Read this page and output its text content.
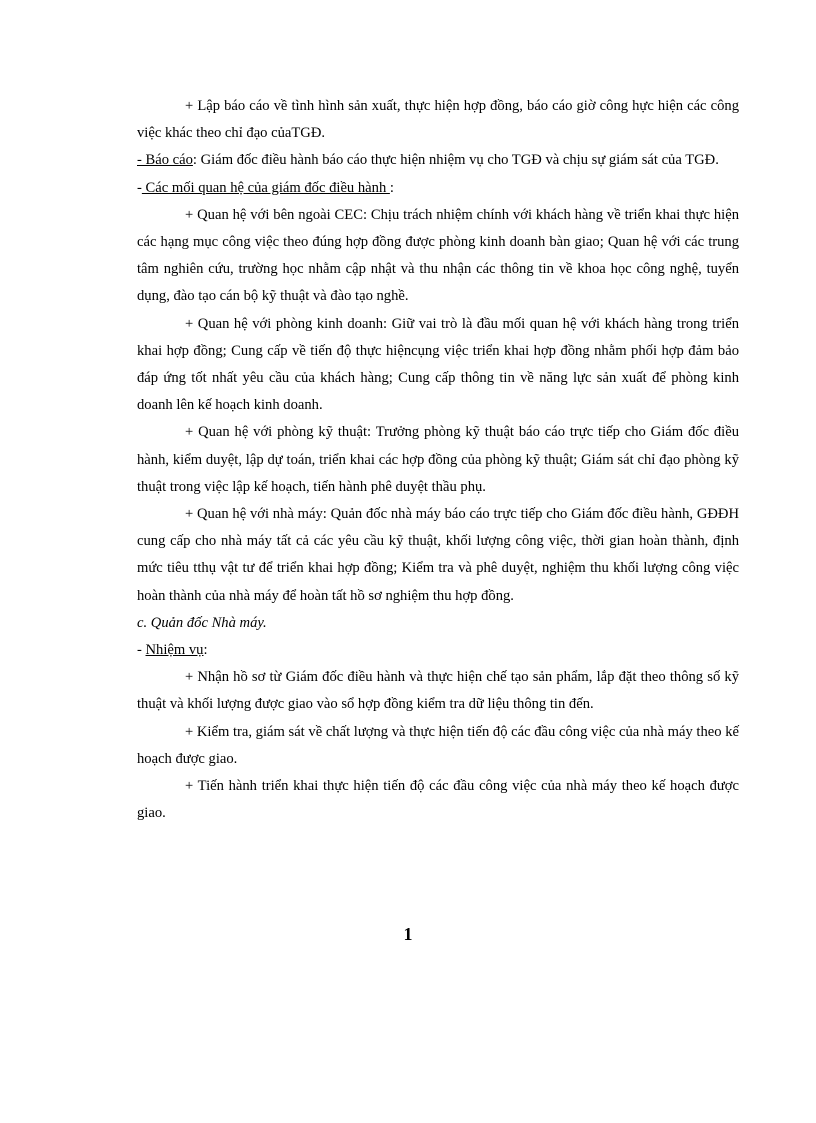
+ Lập báo cáo về tình hình sản xuất, thực hiện hợp đồng, báo cáo giờ công hực hiện các công việc khác theo chỉ đạo củaTGĐ.

- Báo cáo: Giám đốc điều hành báo cáo thực hiện nhiệm vụ cho TGĐ và chịu sự giám sát của TGĐ.

- Các mối quan hệ của giám đốc điều hành :

+ Quan hệ với bên ngoài CEC: Chịu trách nhiệm chính với khách hàng về triển khai thực hiện các hạng mục công việc theo đúng hợp đồng được phòng kinh doanh bàn giao; Quan hệ với các trung tâm nghiên cứu, trường học nhằm cập nhật và thu nhận các thông tin về khoa học công nghệ, tuyển dụng, đào tạo cán bộ kỹ thuật và đào tạo nghề.

+ Quan hệ với phòng kinh doanh: Giữ vai trò là đầu mối quan hệ với khách hàng trong triển khai hợp đồng; Cung cấp về tiến độ thực hiệncụng việc triển khai hợp đồng nhằm phối hợp đảm bảo đáp ứng tốt nhất yêu cầu của khách hàng; Cung cấp thông tin về năng lực sản xuất để phòng kinh doanh lên kế hoạch kinh doanh.

+ Quan hệ với phòng kỹ thuật: Trưởng phòng kỹ thuật báo cáo trực tiếp cho Giám đốc điều hành, kiểm duyệt, lập dự toán, triển khai các hợp đồng của phòng kỹ thuật; Giám sát chỉ đạo phòng kỹ thuật trong việc lập kế hoạch, tiến hành phê duyệt thầu phụ.

+ Quan hệ với nhà máy: Quản đốc nhà máy báo cáo trực tiếp cho Giám đốc điều hành, GĐĐH cung cấp cho nhà máy tất cả các yêu cầu kỹ thuật, khối lượng công việc, thời gian hoàn thành, định mức tiêu tthụ vật tư để triển khai hợp đồng; Kiểm tra và phê duyệt, nghiệm thu khối lượng công việc hoàn thành của nhà máy để hoàn tất hồ sơ nghiệm thu hợp đồng.

c. Quản đốc Nhà máy.

- Nhiệm vụ:

+ Nhận hồ sơ từ Giám đốc điều hành và thực hiện chế tạo sản phẩm, lắp đặt theo thông số kỹ thuật và khối lượng được giao vào sổ hợp đồng kiểm tra dữ liệu thông tin đến.

+ Kiểm tra, giám sát về chất lượng và thực hiện tiến độ các đầu công việc của nhà máy theo kế hoạch được giao.

+ Tiến hành triển khai thực hiện tiến độ các đầu công việc của nhà máy theo kế hoạch được giao.

1
